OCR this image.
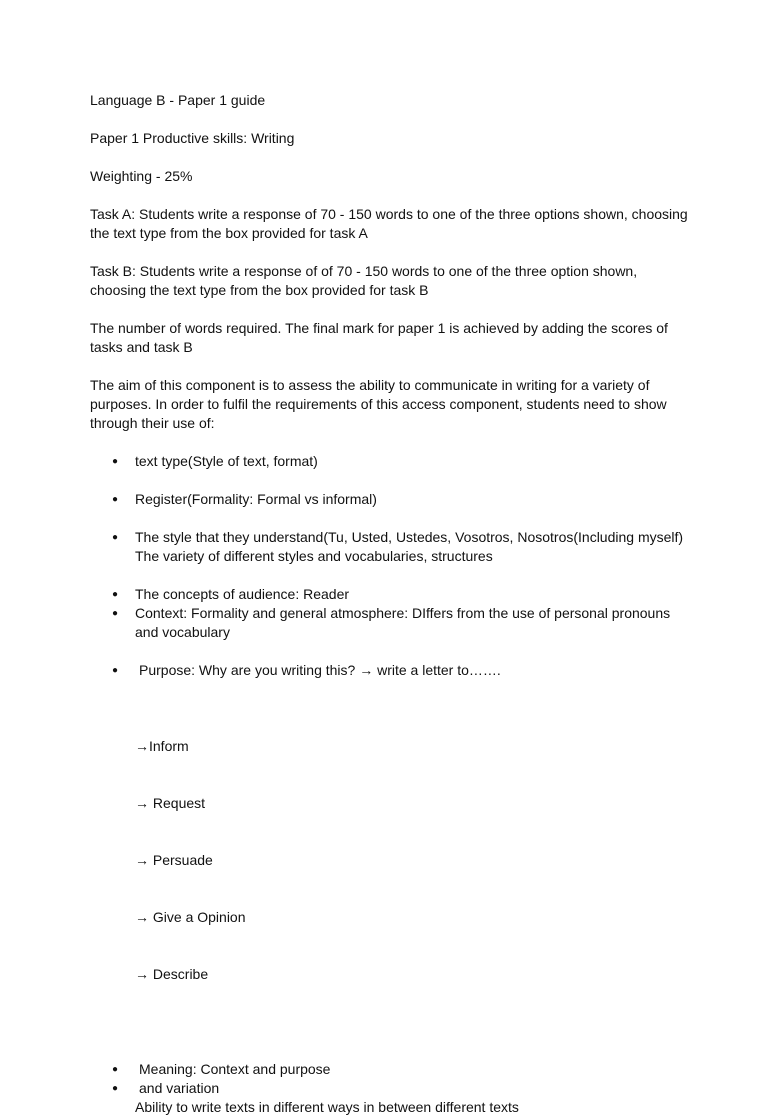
Language B - Paper 1 guide

Paper 1 Productive skills: Writing

Weighting - 25%

Task A: Students write a response of 70 - 150 words to one of the three options shown, choosing the text type from the box provided for task A

Task B: Students write a response of of 70 - 150 words to one of the three option shown, choosing the text type from the box provided for task B

The number of words required. The final mark for paper 1 is achieved by adding the scores of tasks and task B

The aim of this component is to assess the ability to communicate in writing for a variety of purposes. In order to fulfil the requirements of this access component, students need to show through their use of:

● text type(Style of text, format)
● Register(Formality: Formal vs informal)
● The style that they understand(Tu, Usted, Ustedes, Vosotros, Nosotros(Including myself)
The variety of different styles and vocabularies, structures
● The concepts of audience: Reader
● Context: Formality and general atmosphere: DIffers from the use of personal pronouns and vocabulary
● Purpose: Why are you writing this? → write a letter to…….

→Inform

→ Request

→ Persuade

→ Give a Opinion

→ Describe

● Meaning: Context and purpose
● and variation

Ability to write texts in different ways in between different texts
